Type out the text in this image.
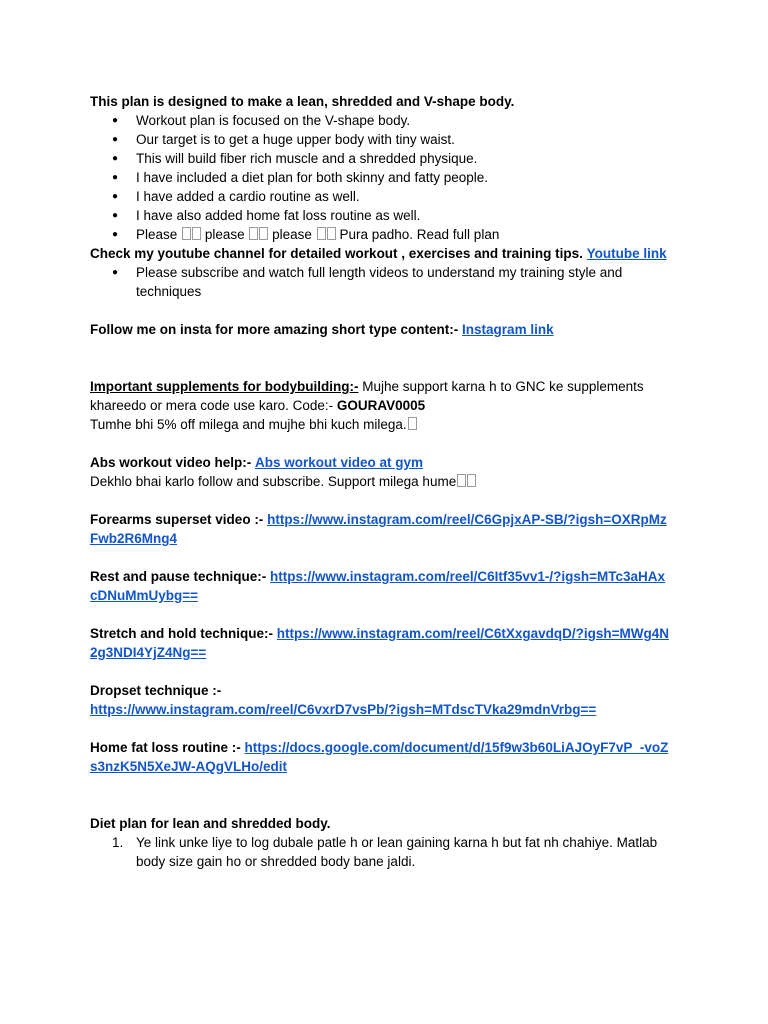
This plan is designed to make a lean, shredded and V-shape body.

● Workout plan is focused on the V-shape body.
● Our target is to get a huge upper body with tiny waist.
● This will build fiber rich muscle and a shredded physique.
● I have included a diet plan for both skinny and fatty people.
● I have added a cardio routine as well.
● I have also added home fat loss routine as well.
● Please please please Pura padho. Read full plan

Check my youtube channel for detailed workout , exercises and training tips. Youtube link

● Please subscribe and watch full length videos to understand my training style and techniques

Follow me on insta for more amazing short type content:- Instagram link

Important supplements for bodybuilding:- Mujhe support karna h to GNC ke supplements khareedo or mera code use karo. Code:- GOURAV0005

Tumhe bhi 5% off milega and mujhe bhi kuch milega.

Abs workout video help:- Abs workout video at gym

Dekhlo bhai karlo follow and subscribe. Support milega hume

Forearms superset video :- https://www.instagram.com/reel/C6GpjxAP-SB/?igsh=OXRpMzFwb2R6Mng4

Rest and pause technique:- https://www.instagram.com/reel/C6Itf35vv1-/?igsh=MTc3aHAxcDNuMmUybg==

Stretch and hold technique:- https://www.instagram.com/reel/C6tXxgavdqD/?igsh=MWg4N2g3NDI4YjZ4Ng==

Dropset technique :-

https://www.instagram.com/reel/C6vxrD7vsPb/?igsh=MTdscTVka29mdnVrbg==

Home fat loss routine :- https://docs.google.com/document/d/15f9w3b60LiAJOyF7vP_-voZs3nzK5N5XeJW-AQgVLHo/edit

Diet plan for lean and shredded body.

1. Ye link unke liye to log dubale patle h or lean gaining karna h but fat nh chahiye. Matlab body size gain ho or shredded body bane jaldi.
